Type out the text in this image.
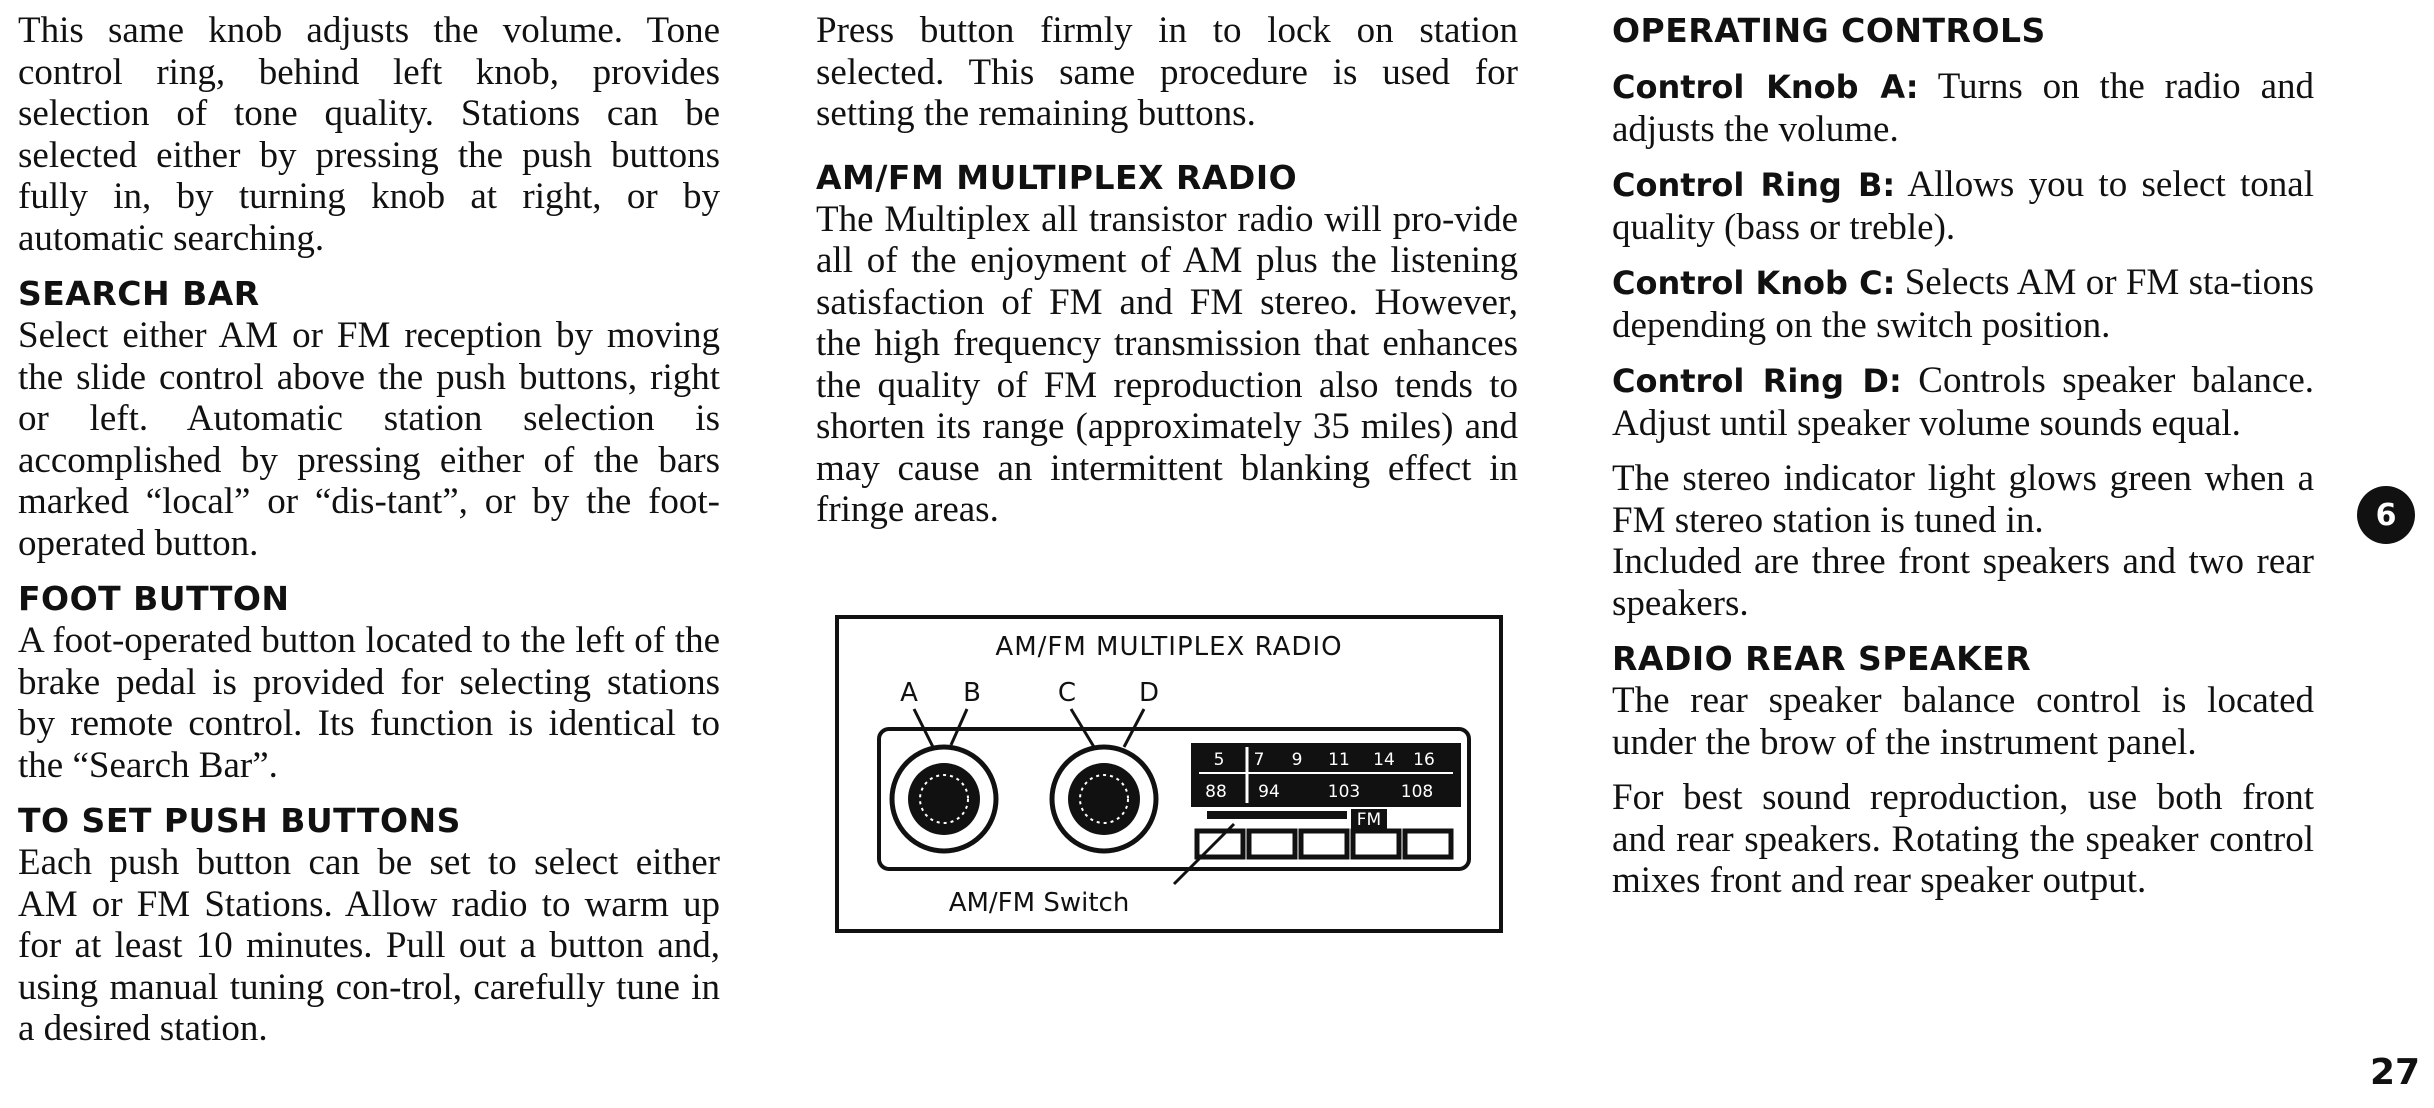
This same knob adjusts the volume. Tone control ring, behind left knob, provides selection of tone quality. Stations can be selected either by pressing the push buttons fully in, by turning knob at right, or by automatic searching.

SEARCH BAR

Select either AM or FM reception by moving the slide control above the push buttons, right or left. Automatic station selection is accomplished by pressing either of the bars marked “local” or “dis-tant”, or by the foot-operated button.

FOOT BUTTON

A foot-operated button located to the left of the brake pedal is provided for selecting stations by remote control. Its function is identical to the “Search Bar”.

TO SET PUSH BUTTONS

Each push button can be set to select either AM or FM Stations. Allow radio to warm up for at least 10 minutes. Pull out a button and, using manual tuning con-trol, carefully tune in a desired station.

Press button firmly in to lock on station selected. This same procedure is used for setting the remaining buttons.

AM/FM MULTIPLEX RADIO

The Multiplex all transistor radio will pro-vide all of the enjoyment of AM plus the listening satisfaction of FM and FM stereo. However, the high frequency transmission that enhances the quality of FM reproduction also tends to shorten its range (approximately 35 miles) and may cause an intermittent blanking effect in fringe areas.

AM/FM MULTIPLEX RADIO
A B	C D
5 7 9 11 14 16
88 94	103 108
FM
AM/FM Switch
OPERATING CONTROLS

Control Knob A: Turns on the radio and adjusts the volume.

Control Ring B: Allows you to select tonal quality (bass or treble).

Control Knob C: Selects AM or FM sta-tions depending on the switch position.

Control Ring D: Controls speaker balance. Adjust until speaker volume sounds equal.

The stereo indicator light glows green when a FM stereo station is tuned in.

Included are three front speakers and two rear speakers.

RADIO REAR SPEAKER

The rear speaker balance control is located under the brow of the instrument panel.

For best sound reproduction, use both front and rear speakers. Rotating the speaker control mixes front and rear speaker output.

6
27
